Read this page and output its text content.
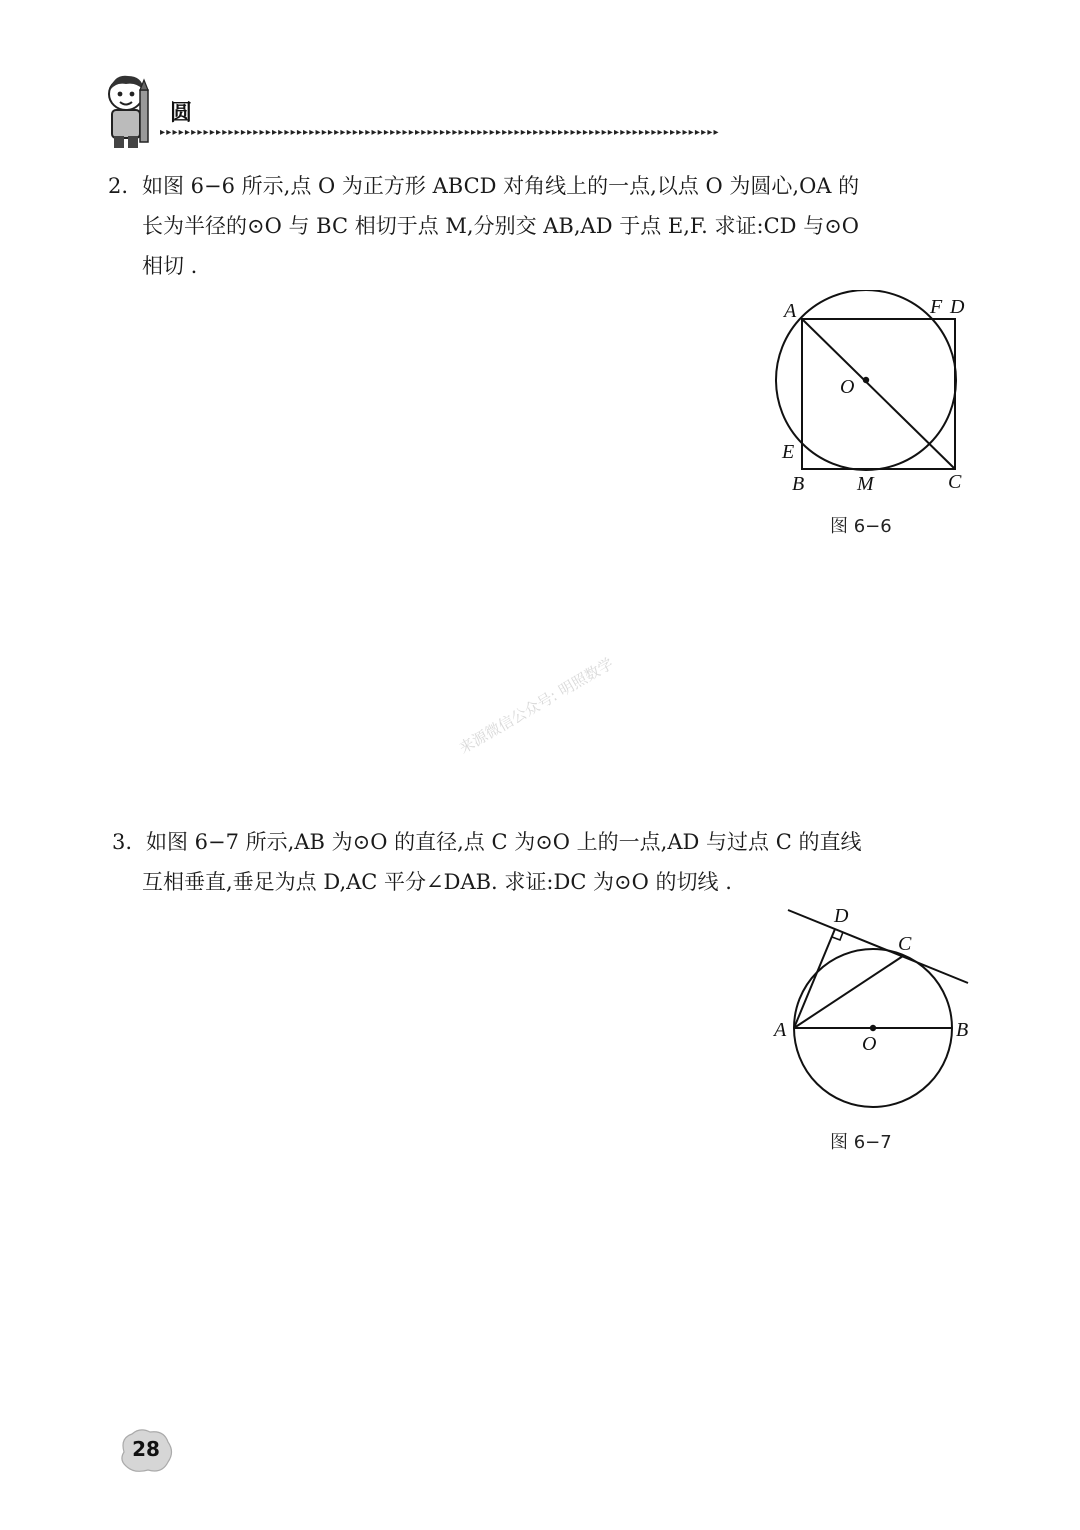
圆
▸▸▸▸▸▸▸▸▸▸▸▸▸▸▸▸▸▸▸▸▸▸▸▸▸▸▸▸▸▸▸▸▸▸▸▸▸▸▸▸▸▸▸▸▸▸▸▸▸▸▸▸▸▸▸▸▸▸▸▸▸▸▸▸▸▸▸▸▸▸▸▸▸▸▸▸▸▸▸▸▸▸▸▸▸▸▸▸▸▸
2. 如图 6−6 所示,点 O 为正方形 ABCD 对角线上的一点,以点 O 为圆心,OA 的
长为半径的⊙O 与 BC 相切于点 M,分别交 AB,AD 于点 E,F. 求证:CD 与⊙O
相切 .
A	F D
O
E
B	M	C
图 6−6
来源微信公众号: 明照数学
3. 如图 6−7 所示,AB 为⊙O 的直径,点 C 为⊙O 上的一点,AD 与过点 C 的直线
互相垂直,垂足为点 D,AC 平分∠DAB. 求证:DC 为⊙O 的切线 .
D
C
A	B
O
图 6−7
28
